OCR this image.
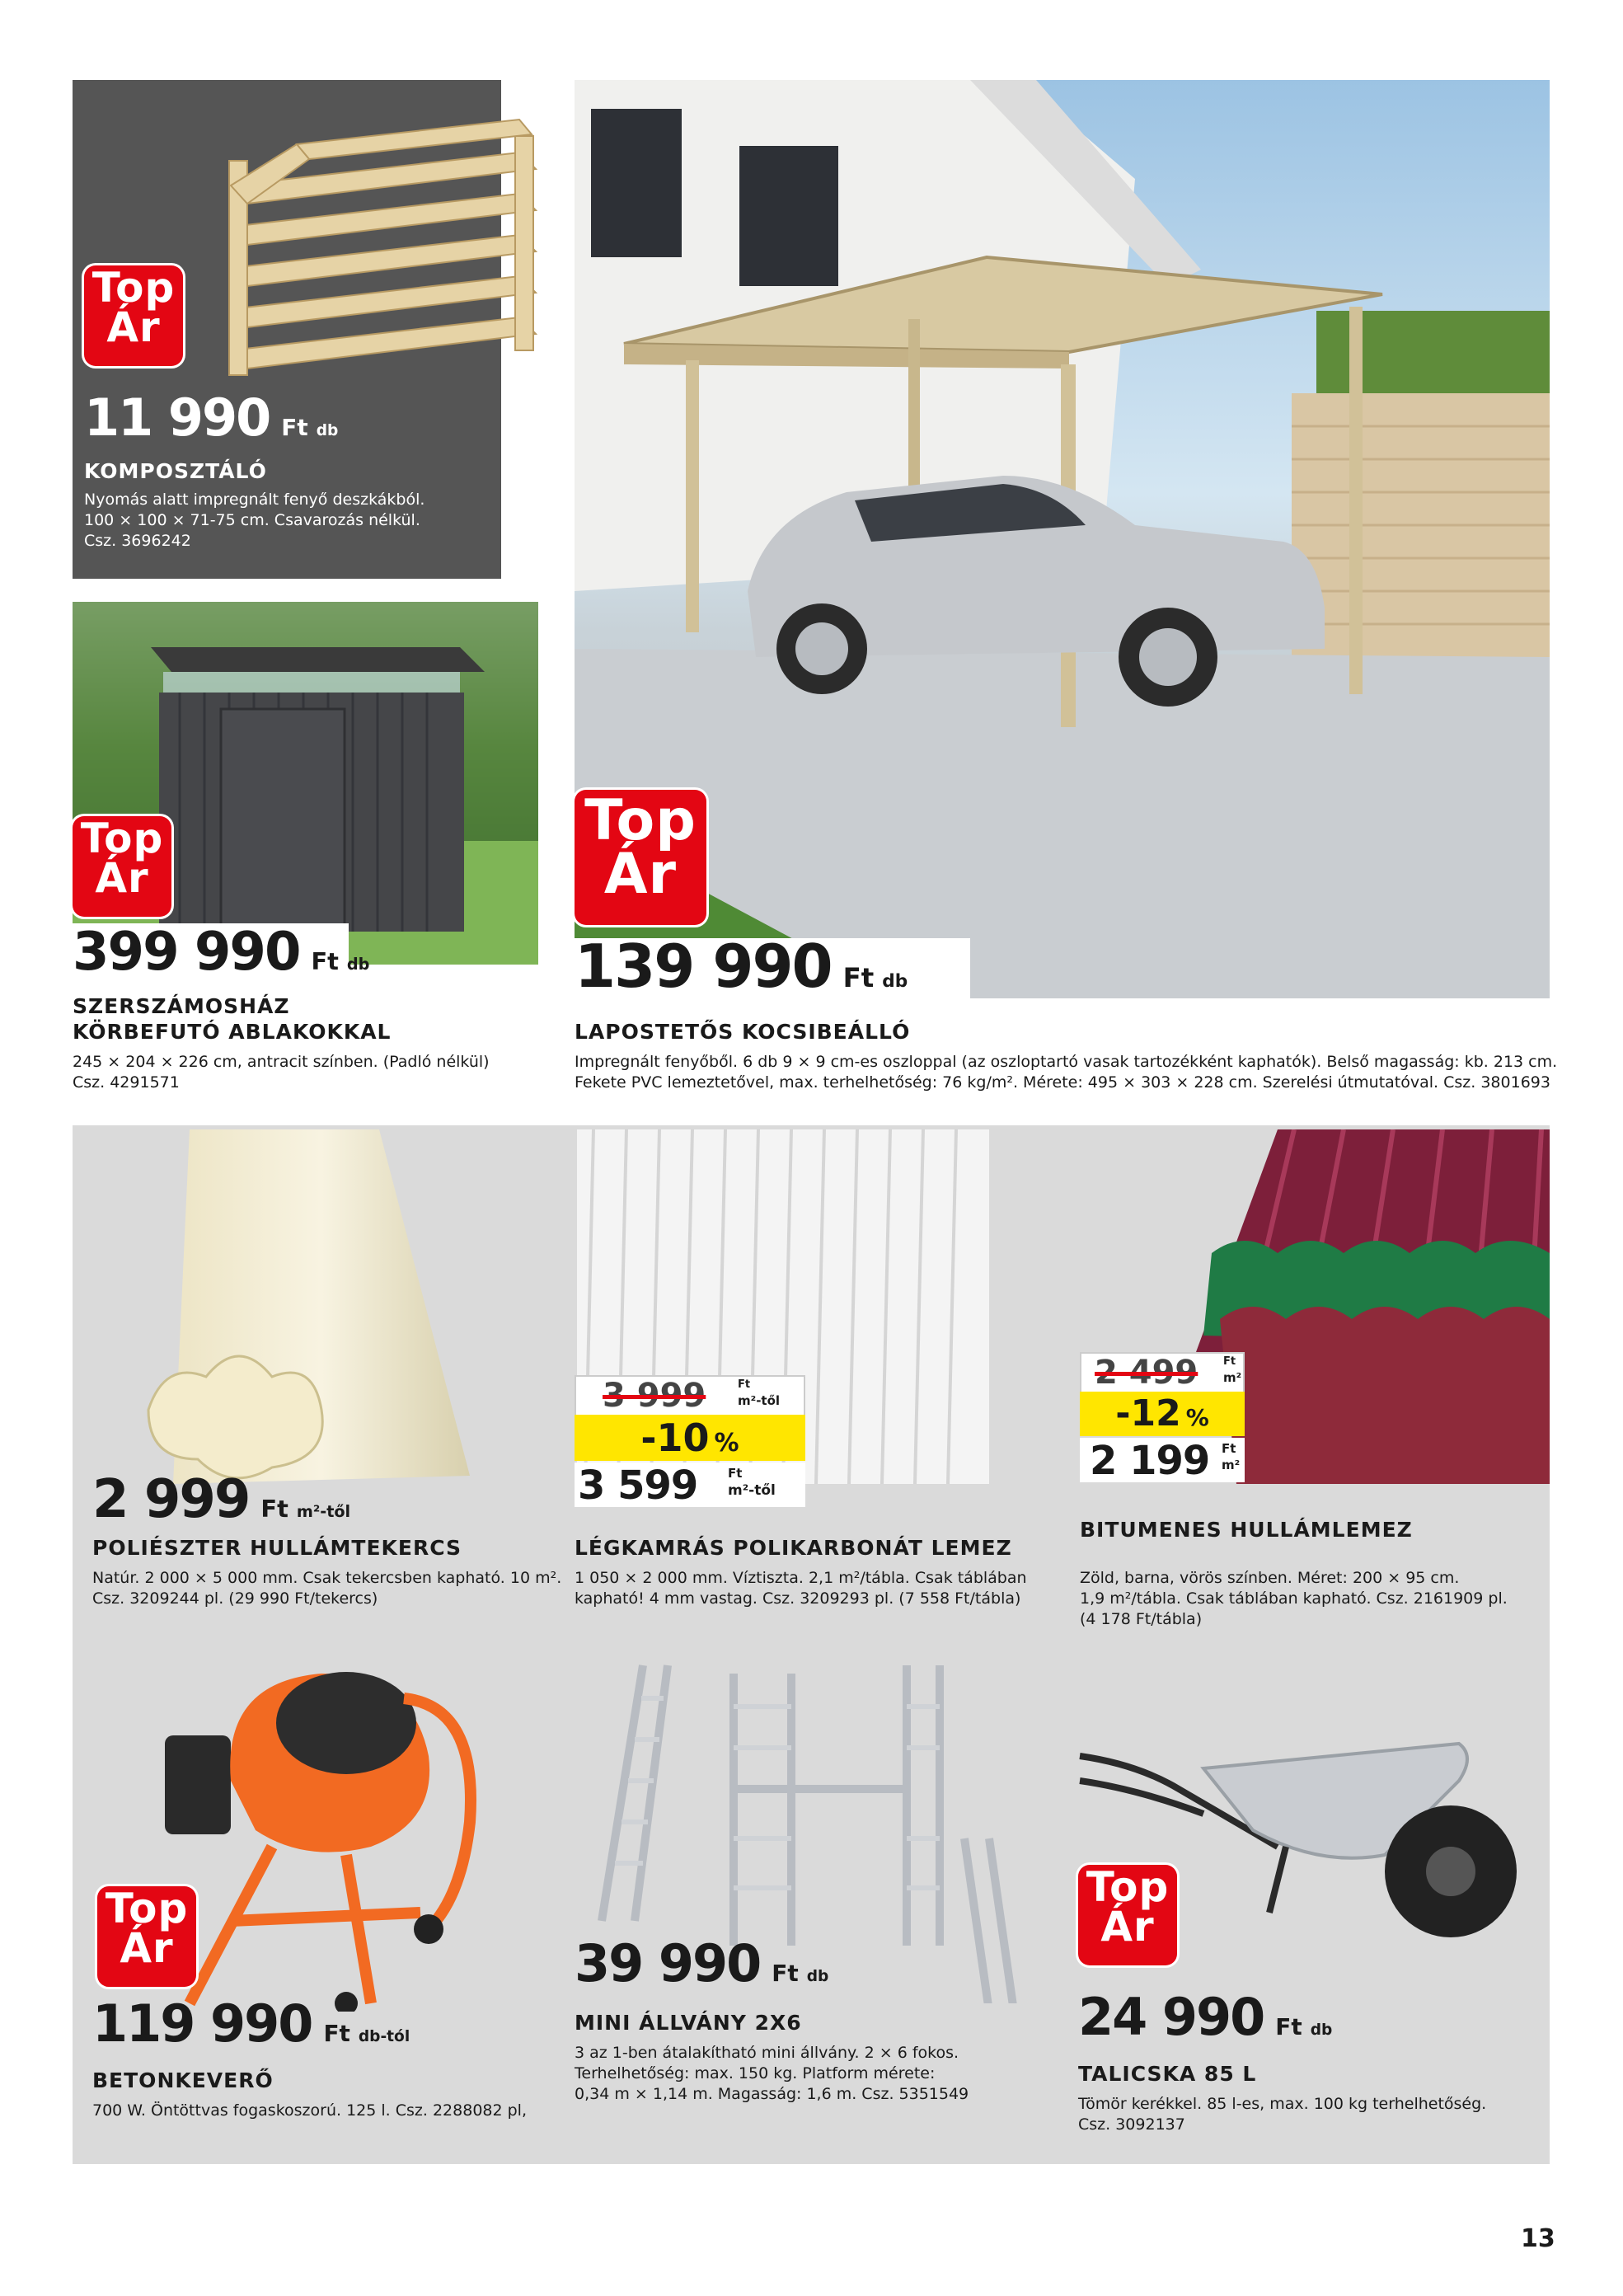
Top
Ár
11 990 Ft db
KOMPOSZTÁLÓ
Nyomás alatt impregnált fenyő deszkákból.
100 × 100 × 71-75 cm. Csavarozás nélkül.
Csz. 3696242
Top
Ár
399 990 Ft db
SZERSZÁMOSHÁZ
KÖRBEFUTÓ ABLAKOKKAL
245 × 204 × 226 cm, antracit színben. (Padló nélkül)
Csz. 4291571
Top
Ár
139 990 Ft db
LAPOSTETŐS KOCSIBEÁLLÓ
Impregnált fenyőből. 6 db 9 × 9 cm-es oszloppal (az oszloptartó vasak tartozékként kaphatók). Belső magasság: kb. 213 cm.
Fekete PVC lemeztetővel, max. terhelhetőség: 76 kg/m². Mérete: 495 × 303 × 228 cm. Szerelési útmutatóval. Csz. 3801693
2 999 Ft m²-től
POLIÉSZTER HULLÁMTEKERCS
Natúr. 2 000 × 5 000 mm. Csak tekercsben kapható. 10 m².
Csz. 3209244 pl. (29 990 Ft/tekercs)
3 999	Ft
m²-től
-10 %
3 599 Ft
m²-től
LÉGKAMRÁS POLIKARBONÁT LEMEZ
1 050 × 2 000 mm. Víztiszta. 2,1 m²/tábla. Csak táblában
kapható! 4 mm vastag. Csz. 3209293 pl. (7 558 Ft/tábla)
2 499 Ft
m²
-12 %
2 199 Ft
m²
BITUMENES HULLÁMLEMEZ
Zöld, barna, vörös színben. Méret: 200 × 95 cm.
1,9 m²/tábla. Csak táblában kapható. Csz. 2161909 pl.
(4 178 Ft/tábla)
Top
Ár
119 990 Ft db-tól
BETONKEVERŐ
700 W. Öntöttvas fogaskoszorú. 125 l. Csz. 2288082 pl,
39 990 Ft db
MINI ÁLLVÁNY 2X6
3 az 1-ben átalakítható mini állvány. 2 × 6 fokos.
Terhelhetőség: max. 150 kg. Platform mérete:
0,34 m × 1,14 m. Magasság: 1,6 m. Csz. 5351549
Top
Ár
24 990 Ft db
TALICSKA 85 L
Tömör kerékkel. 85 l-es, max. 100 kg terhelhetőség.
Csz. 3092137
13
